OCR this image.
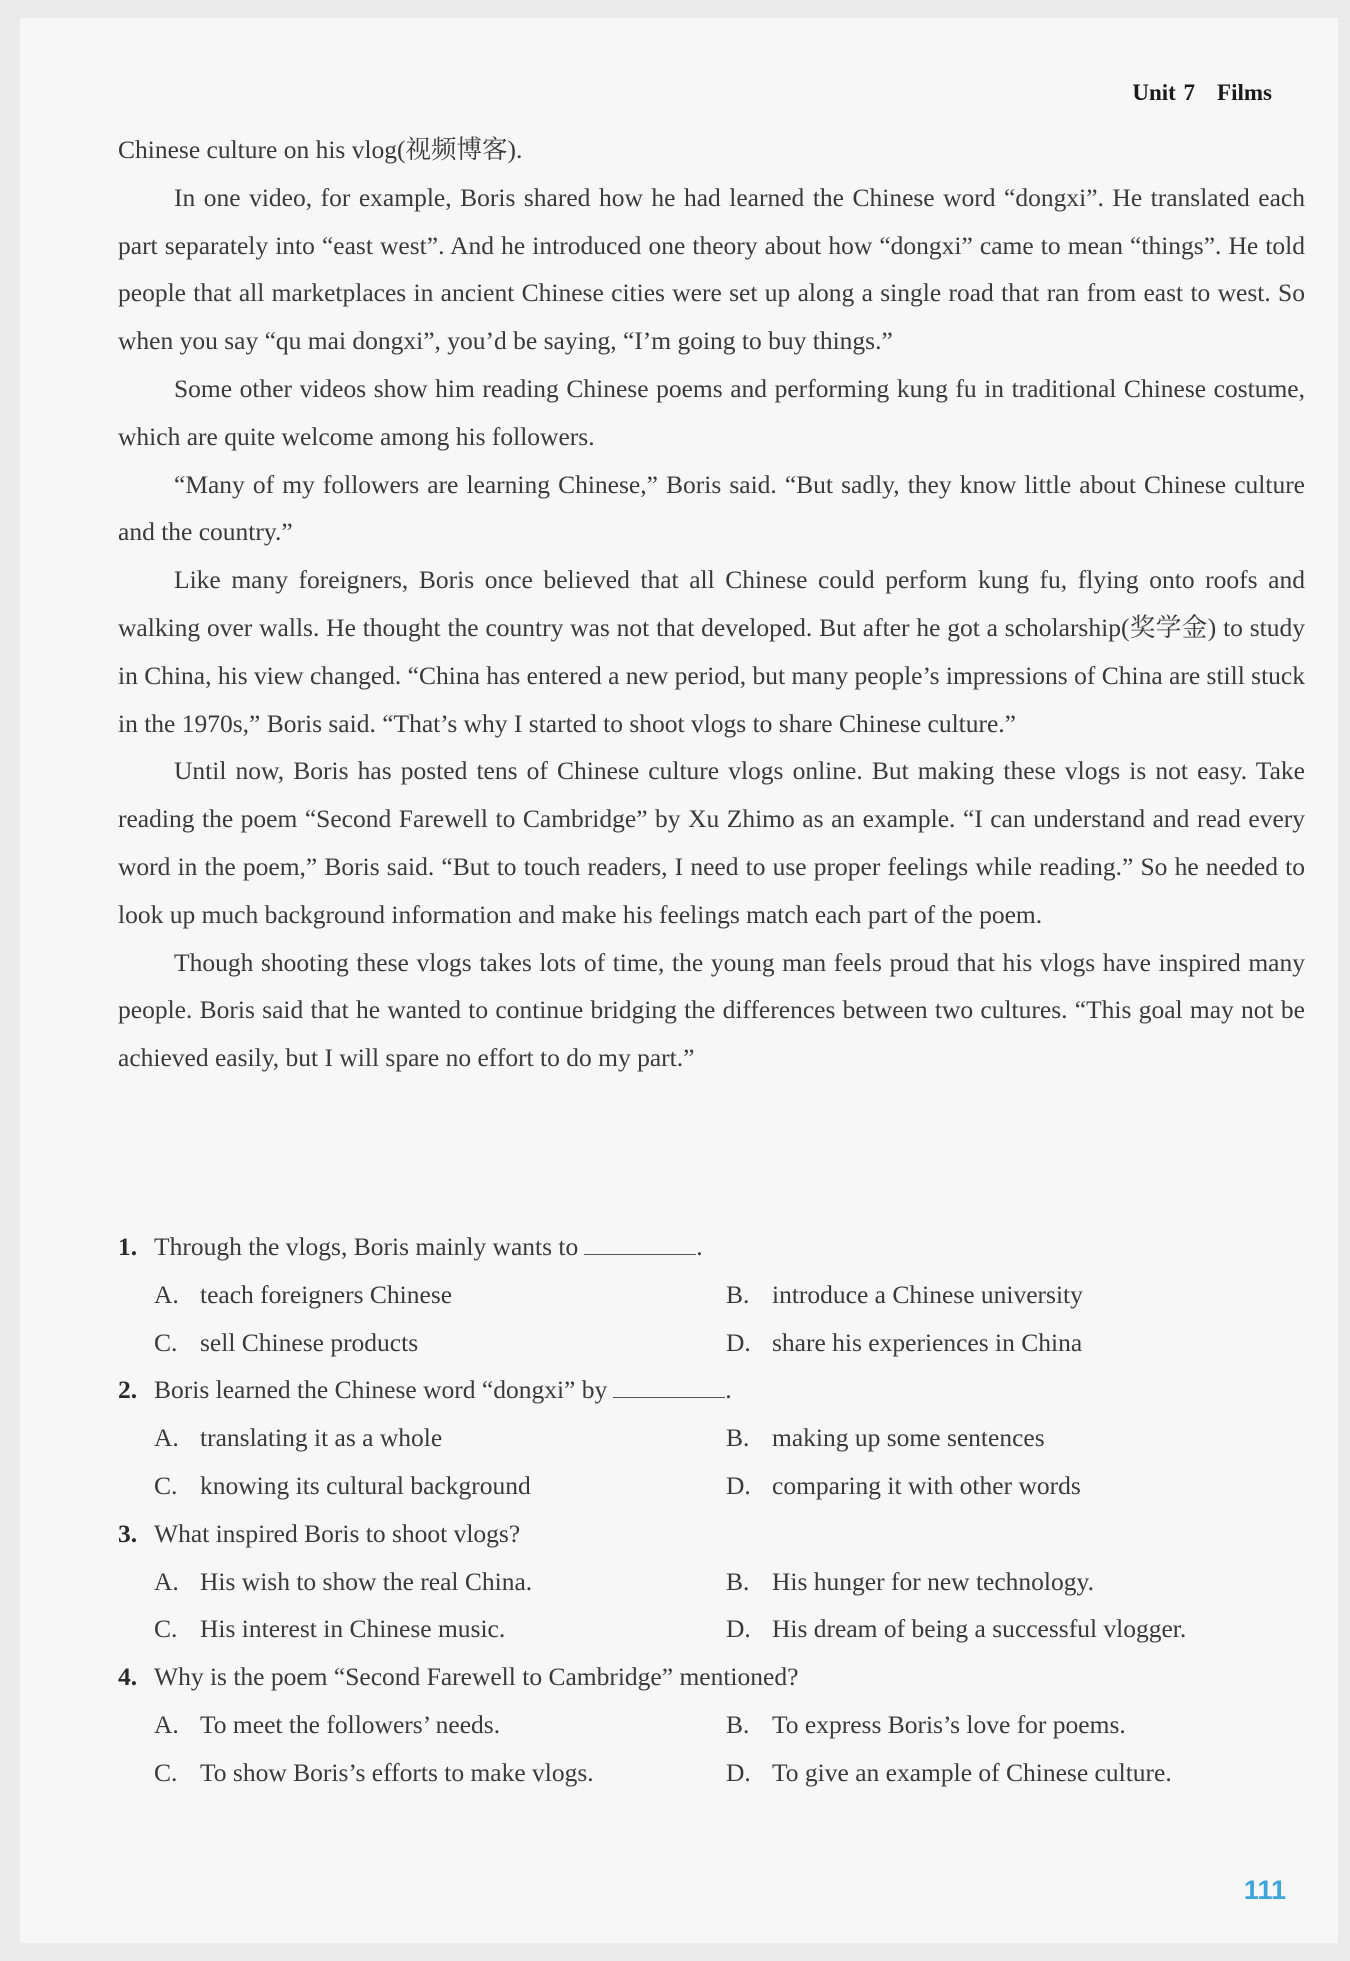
Unit 7 Films

Chinese culture on his vlog(视频博客).

In one video, for example, Boris shared how he had learned the Chinese word “dongxi”. He translated each part separately into “east west”. And he introduced one theory about how “dongxi” came to mean “things”. He told people that all marketplaces in ancient Chinese cities were set up along a single road that ran from east to west. So when you say “qu mai dongxi”, you’d be saying, “I’m going to buy things.”

Some other videos show him reading Chinese poems and performing kung fu in traditional Chinese costume, which are quite welcome among his followers.

“Many of my followers are learning Chinese,” Boris said. “But sadly, they know little about Chinese culture and the country.”

Like many foreigners, Boris once believed that all Chinese could perform kung fu, flying onto roofs and walking over walls. He thought the country was not that developed. But after he got a scholarship(奖学金) to study in China, his view changed. “China has entered a new period, but many people’s impressions of China are still stuck in the 1970s,” Boris said. “That’s why I started to shoot vlogs to share Chinese culture.”

Until now, Boris has posted tens of Chinese culture vlogs online. But making these vlogs is not easy. Take reading the poem “Second Farewell to Cambridge” by Xu Zhimo as an example. “I can understand and read every word in the poem,” Boris said. “But to touch readers, I need to use proper feelings while reading.” So he needed to look up much background information and make his feelings match each part of the poem.

Though shooting these vlogs takes lots of time, the young man feels proud that his vlogs have inspired many people. Boris said that he wanted to continue bridging the differences between two cultures. “This goal may not be achieved easily, but I will spare no effort to do my part.”

1. Through the vlogs, Boris mainly wants to	.
A. teach foreigners Chinese	B. introduce a Chinese university
C. sell Chinese products	D. share his experiences in China
2. Boris learned the Chinese word “dongxi” by	.
A. translating it as a whole	B. making up some sentences
C. knowing its cultural background	D. comparing it with other words
3. What inspired Boris to shoot vlogs?
A. His wish to show the real China.	B. His hunger for new technology.
C. His interest in Chinese music.	D. His dream of being a successful vlogger.
4. Why is the poem “Second Farewell to Cambridge” mentioned?
A. To meet the followers’ needs.	B. To express Boris’s love for poems.
C. To show Boris’s efforts to make vlogs.	D. To give an example of Chinese culture.
111
